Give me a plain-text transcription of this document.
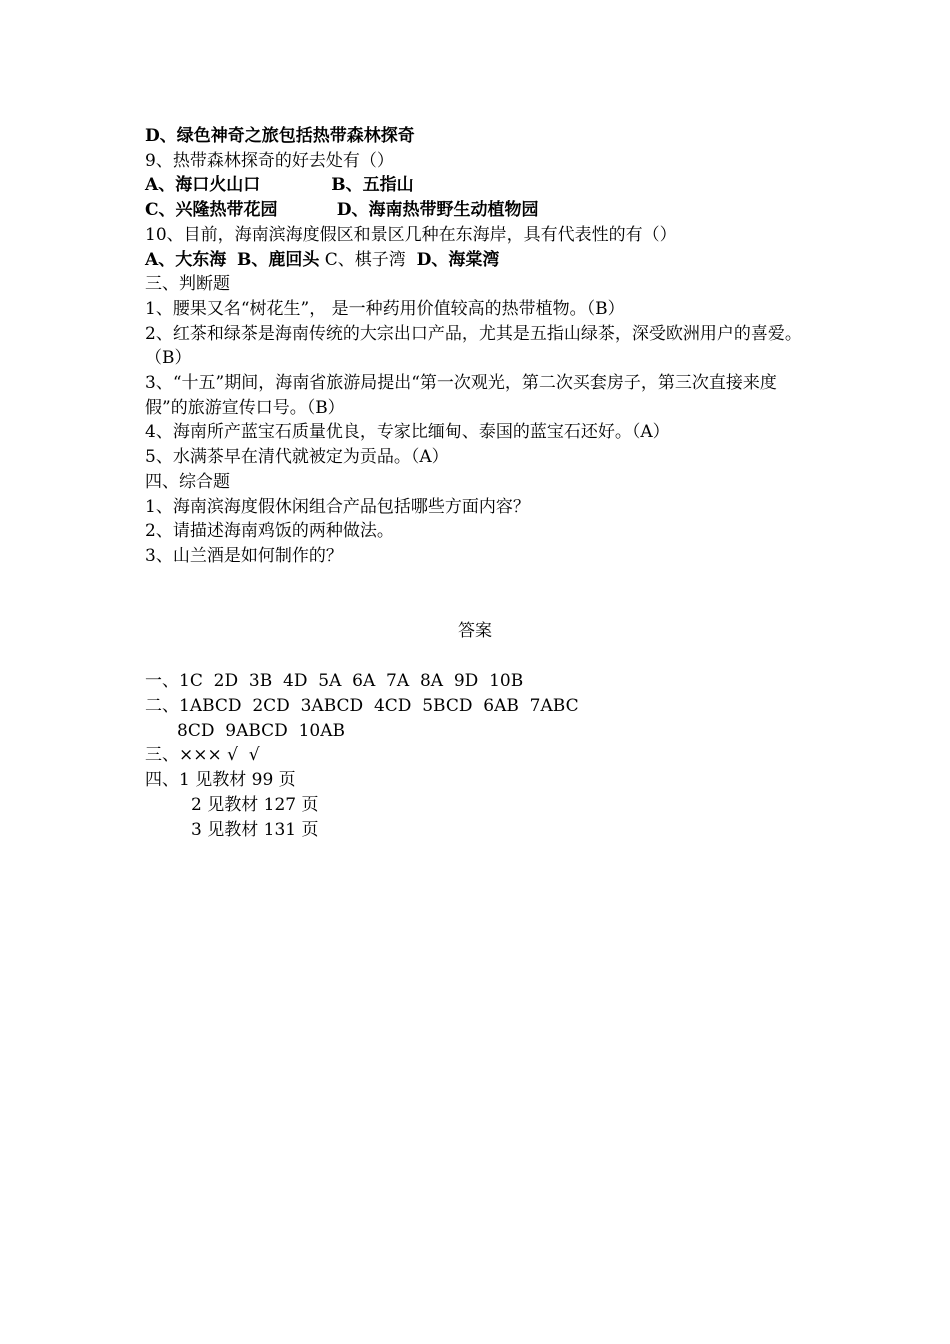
D、绿色神奇之旅包括热带森林探奇

9、热带森林探奇的好去处有（）

A、海口火山口	B、五指山

C、兴隆热带花园	D、海南热带野生动植物园

10、目前，海南滨海度假区和景区几种在东海岸，具有代表性的有（）

A、大东海 B、鹿回头 C、棋子湾 D、海棠湾

三、判断题

1、腰果又名“树花生”， 是一种药用价值较高的热带植物。（B）

2、红茶和绿茶是海南传统的大宗出口产品，尤其是五指山绿茶，深受欧洲用户的喜爱。（B）

3、“十五”期间，海南省旅游局提出“第一次观光，第二次买套房子，第三次直接来度假”的旅游宣传口号。（B）

4、海南所产蓝宝石质量优良，专家比缅甸、泰国的蓝宝石还好。（A）

5、水满茶早在清代就被定为贡品。（A）

四、综合题

1、海南滨海度假休闲组合产品包括哪些方面内容？

2、请描述海南鸡饭的两种做法。

3、山兰酒是如何制作的？

答案

一、1C  2D  3B  4D  5A  6A  7A  8A  9D  10B

二、1ABCD  2CD  3ABCD  4CD  5BCD  6AB  7ABC

8CD  9ABCD  10AB

三、××× √  √

四、1 见教材 99 页

2 见教材 127 页

3 见教材 131 页
